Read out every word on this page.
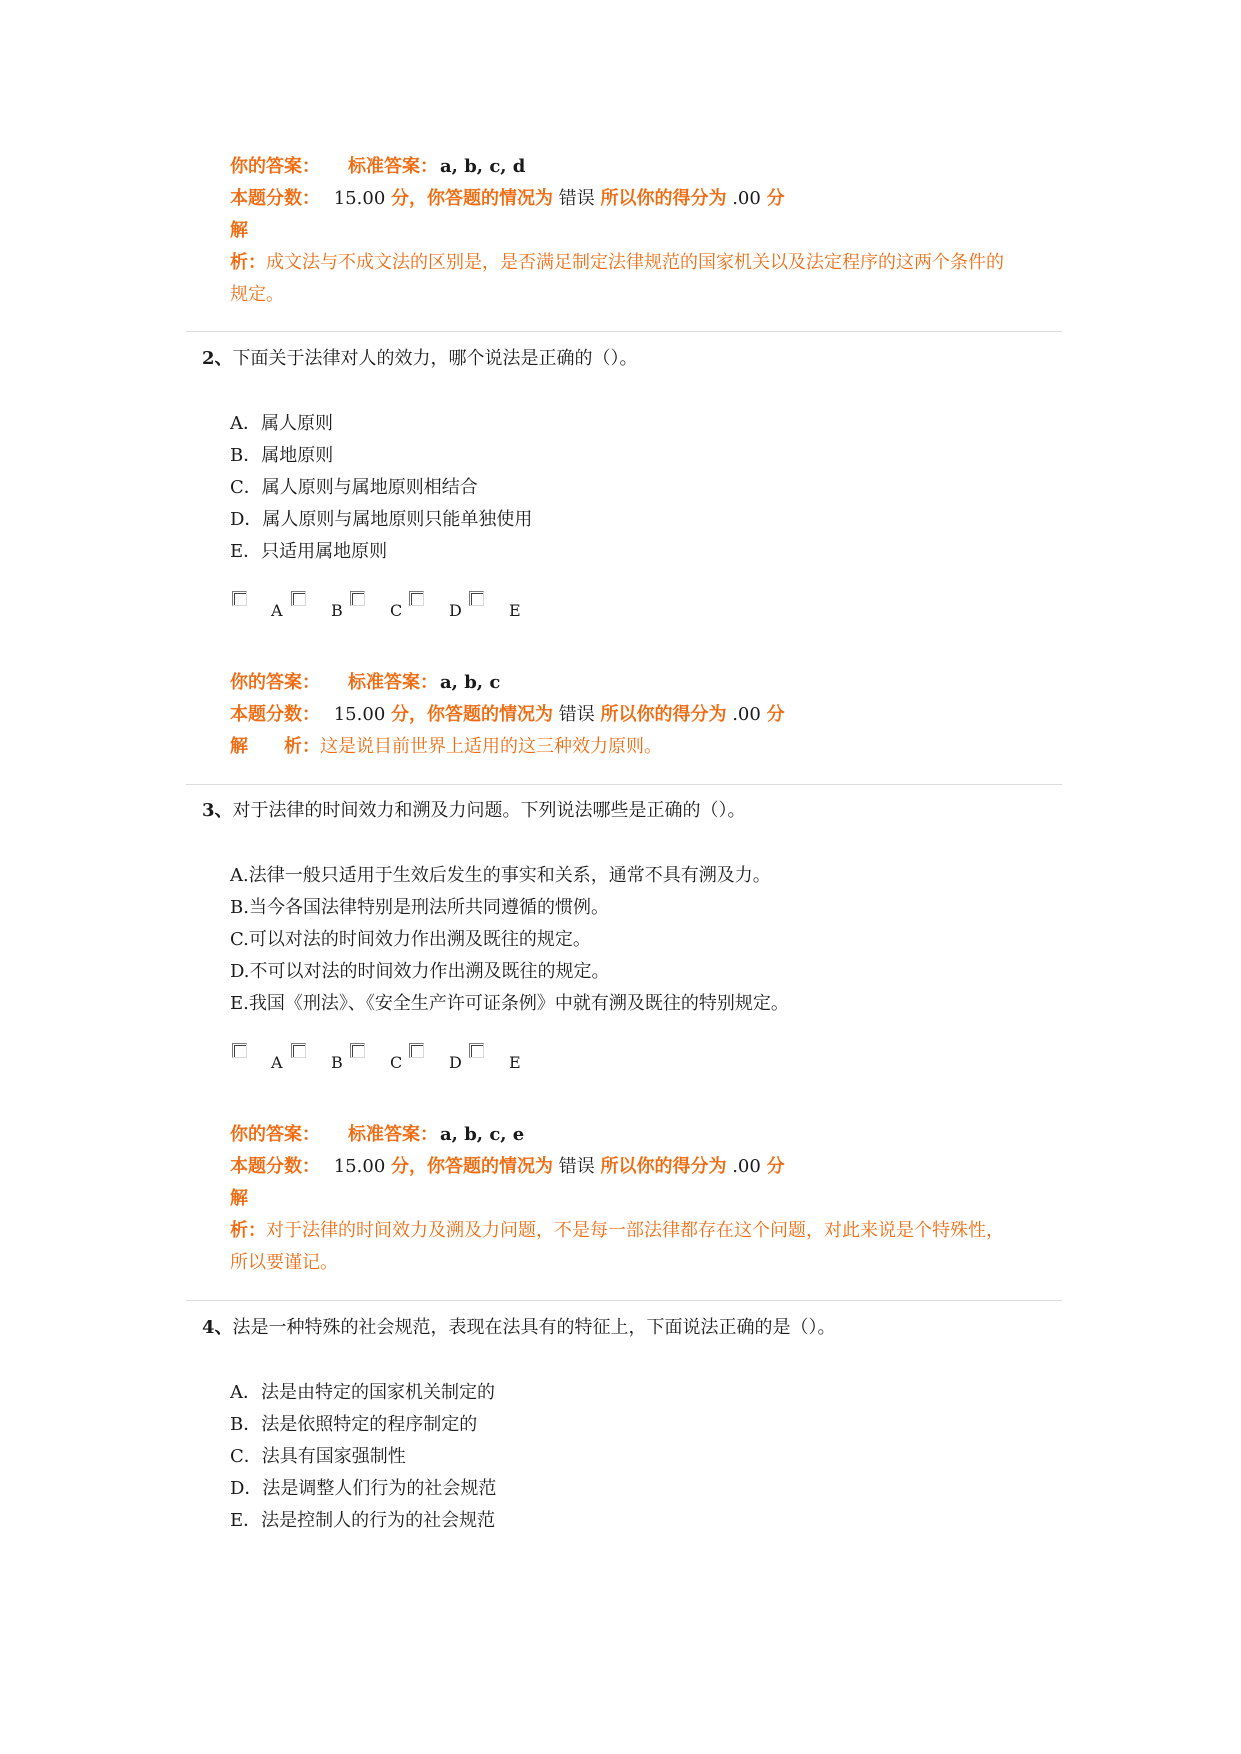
你的答案： 标准答案： a, b, c, d
本题分数： 15.00 分，你答题的情况为 错误 所以你的得分为 .00 分
解
析：成文法与不成文法的区别是，是否满足制定法律规范的国家机关以及法定程序的这两个条件的
规定。
2、下面关于法律对人的效力，哪个说法是正确的（）。
A．属人原则
B．属地原则
C．属人原则与属地原则相结合
D．属人原则与属地原则只能单独使用
E．只适用属地原则
A	B	C	D	E
你的答案： 标准答案： a, b, c
本题分数： 15.00 分，你答题的情况为 错误 所以你的得分为 .00 分
解　　析：这是说目前世界上适用的这三种效力原则。
3、对于法律的时间效力和溯及力问题。下列说法哪些是正确的（）。
A.法律一般只适用于生效后发生的事实和关系，通常不具有溯及力。
B.当今各国法律特别是刑法所共同遵循的惯例。
C.可以对法的时间效力作出溯及既往的规定。
D.不可以对法的时间效力作出溯及既往的规定。
E.我国《刑法》、《安全生产许可证条例》中就有溯及既往的特别规定。
A	B	C	D	E
你的答案： 标准答案： a, b, c, e
本题分数： 15.00 分，你答题的情况为 错误 所以你的得分为 .00 分
解
析：对于法律的时间效力及溯及力问题，不是每一部法律都存在这个问题，对此来说是个特殊性，
所以要谨记。
4、法是一种特殊的社会规范，表现在法具有的特征上，下面说法正确的是（）。
A．法是由特定的国家机关制定的
B．法是依照特定的程序制定的
C．法具有国家强制性
D．法是调整人们行为的社会规范
E．法是控制人的行为的社会规范
